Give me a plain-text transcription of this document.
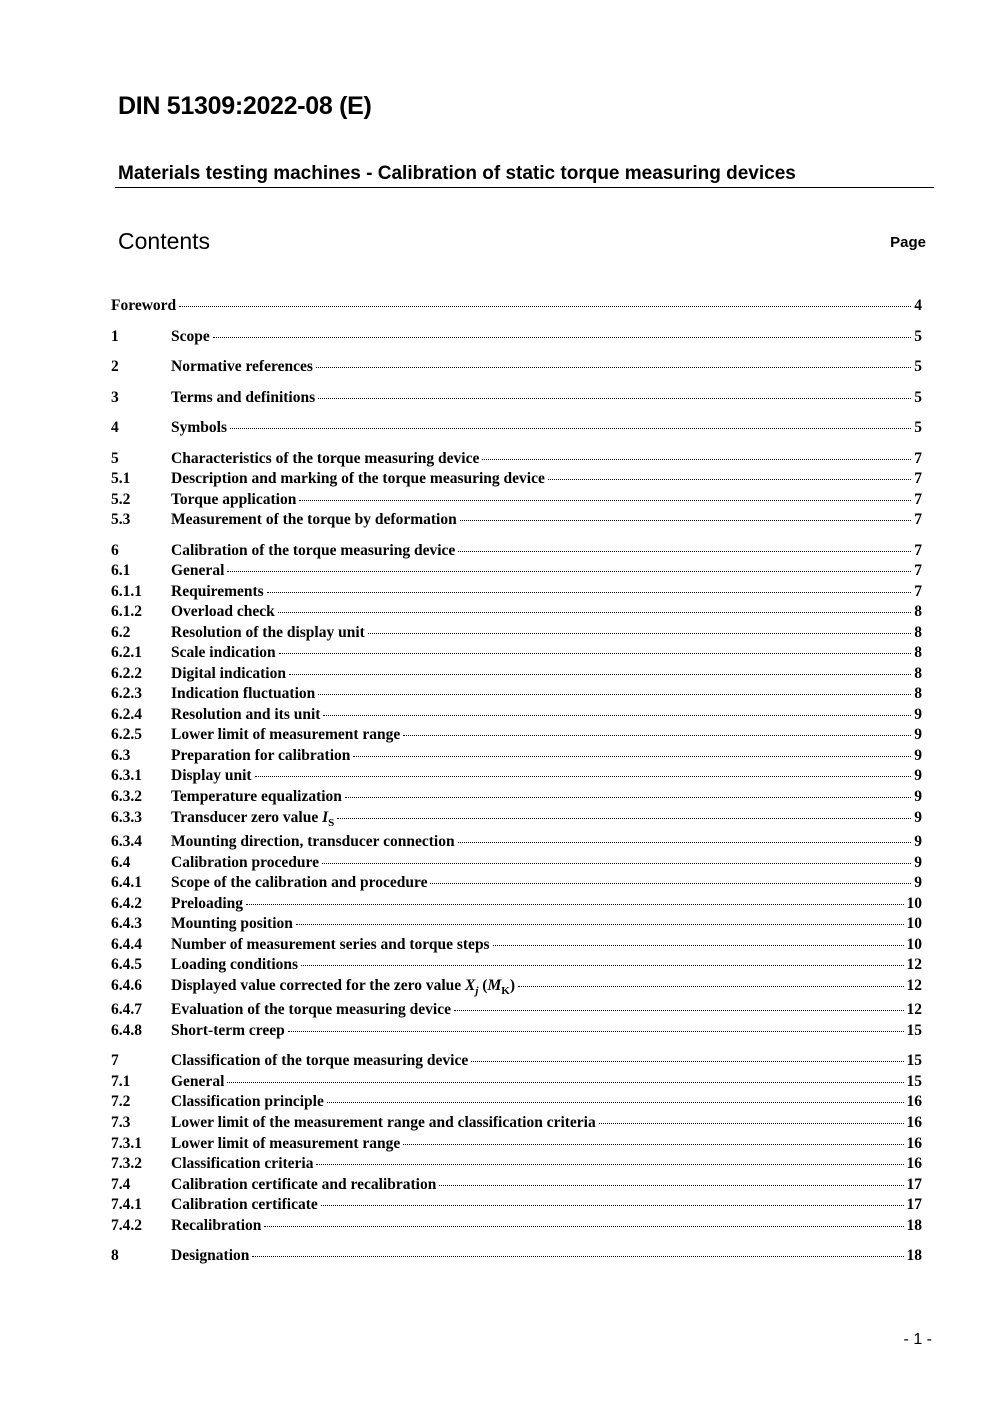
DIN 51309:2022-08 (E)
Materials testing machines - Calibration of static torque measuring devices
Contents	Page
Foreword	4
1	Scope	5
2	Normative references	5
3	Terms and definitions	5
4	Symbols	5
5	Characteristics of the torque measuring device	7
5.1	Description and marking of the torque measuring device	7
5.2	Torque application	7
5.3	Measurement of the torque by deformation	7
6	Calibration of the torque measuring device	7
6.1	General	7
6.1.1	Requirements	7
6.1.2	Overload check	8
6.2	Resolution of the display unit	8
6.2.1	Scale indication	8
6.2.2	Digital indication	8
6.2.3	Indication fluctuation	8
6.2.4	Resolution and its unit	9
6.2.5	Lower limit of measurement range	9
6.3	Preparation for calibration	9
6.3.1	Display unit	9
6.3.2	Temperature equalization	9
6.3.3	Transducer zero value $I_S$	9
6.3.4	Mounting direction, transducer connection	9
6.4	Calibration procedure	9
6.4.1	Scope of the calibration and procedure	9
6.4.2	Preloading	10
6.4.3	Mounting position	10
6.4.4	Number of measurement series and torque steps	10
6.4.5	Loading conditions	12
6.4.6	Displayed value corrected for the zero value $X_j$ $(M_K)$	12
6.4.7	Evaluation of the torque measuring device	12
6.4.8	Short-term creep	15
7	Classification of the torque measuring device	15
7.1	General	15
7.2	Classification principle	16
7.3	Lower limit of the measurement range and classification criteria	16
7.3.1	Lower limit of measurement range	16
7.3.2	Classification criteria	16
7.4	Calibration certificate and recalibration	17
7.4.1	Calibration certificate	17
7.4.2	Recalibration	18
8	Designation	18
- 1 -
